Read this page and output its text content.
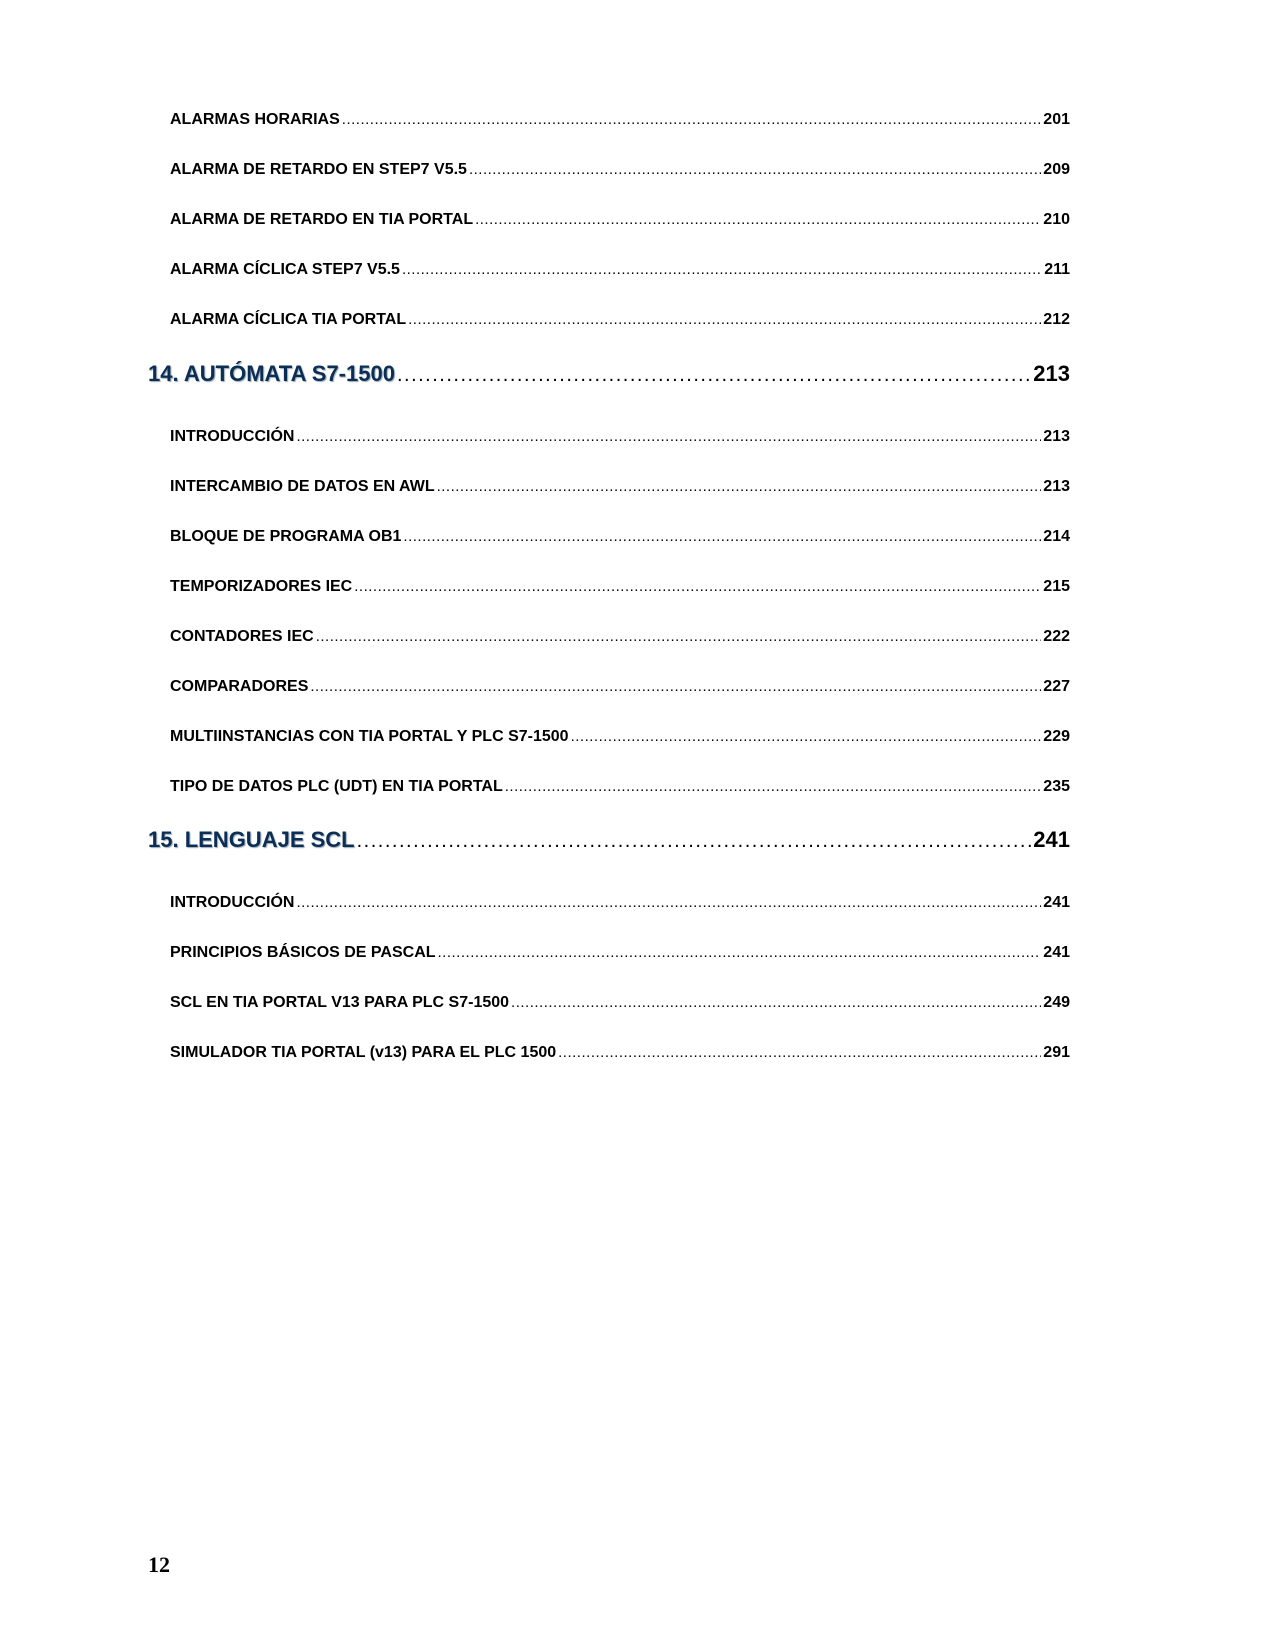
ALARMAS HORARIAS .....	201
ALARMA DE RETARDO EN STEP7 V5.5 .....	209
ALARMA DE RETARDO EN TIA PORTAL .....	210
ALARMA CÍCLICA STEP7 V5.5 .....	211
ALARMA CÍCLICA TIA PORTAL .....	212
14. AUTÓMATA S7-1500 .....	213
INTRODUCCIÓN .....	213
INTERCAMBIO DE DATOS EN AWL .....	213
BLOQUE DE PROGRAMA OB1 .....	214
TEMPORIZADORES IEC .....	215
CONTADORES IEC .....	222
COMPARADORES .....	227
MULTIINSTANCIAS CON TIA PORTAL Y PLC S7-1500 .....	229
TIPO DE DATOS PLC (UDT) EN TIA PORTAL .....	235
15. LENGUAJE SCL .....	241
INTRODUCCIÓN .....	241
PRINCIPIOS BÁSICOS DE PASCAL .....	241
SCL EN TIA PORTAL V13 PARA PLC S7-1500 .....	249
SIMULADOR TIA PORTAL (v13) PARA EL PLC 1500 .....	291
12
